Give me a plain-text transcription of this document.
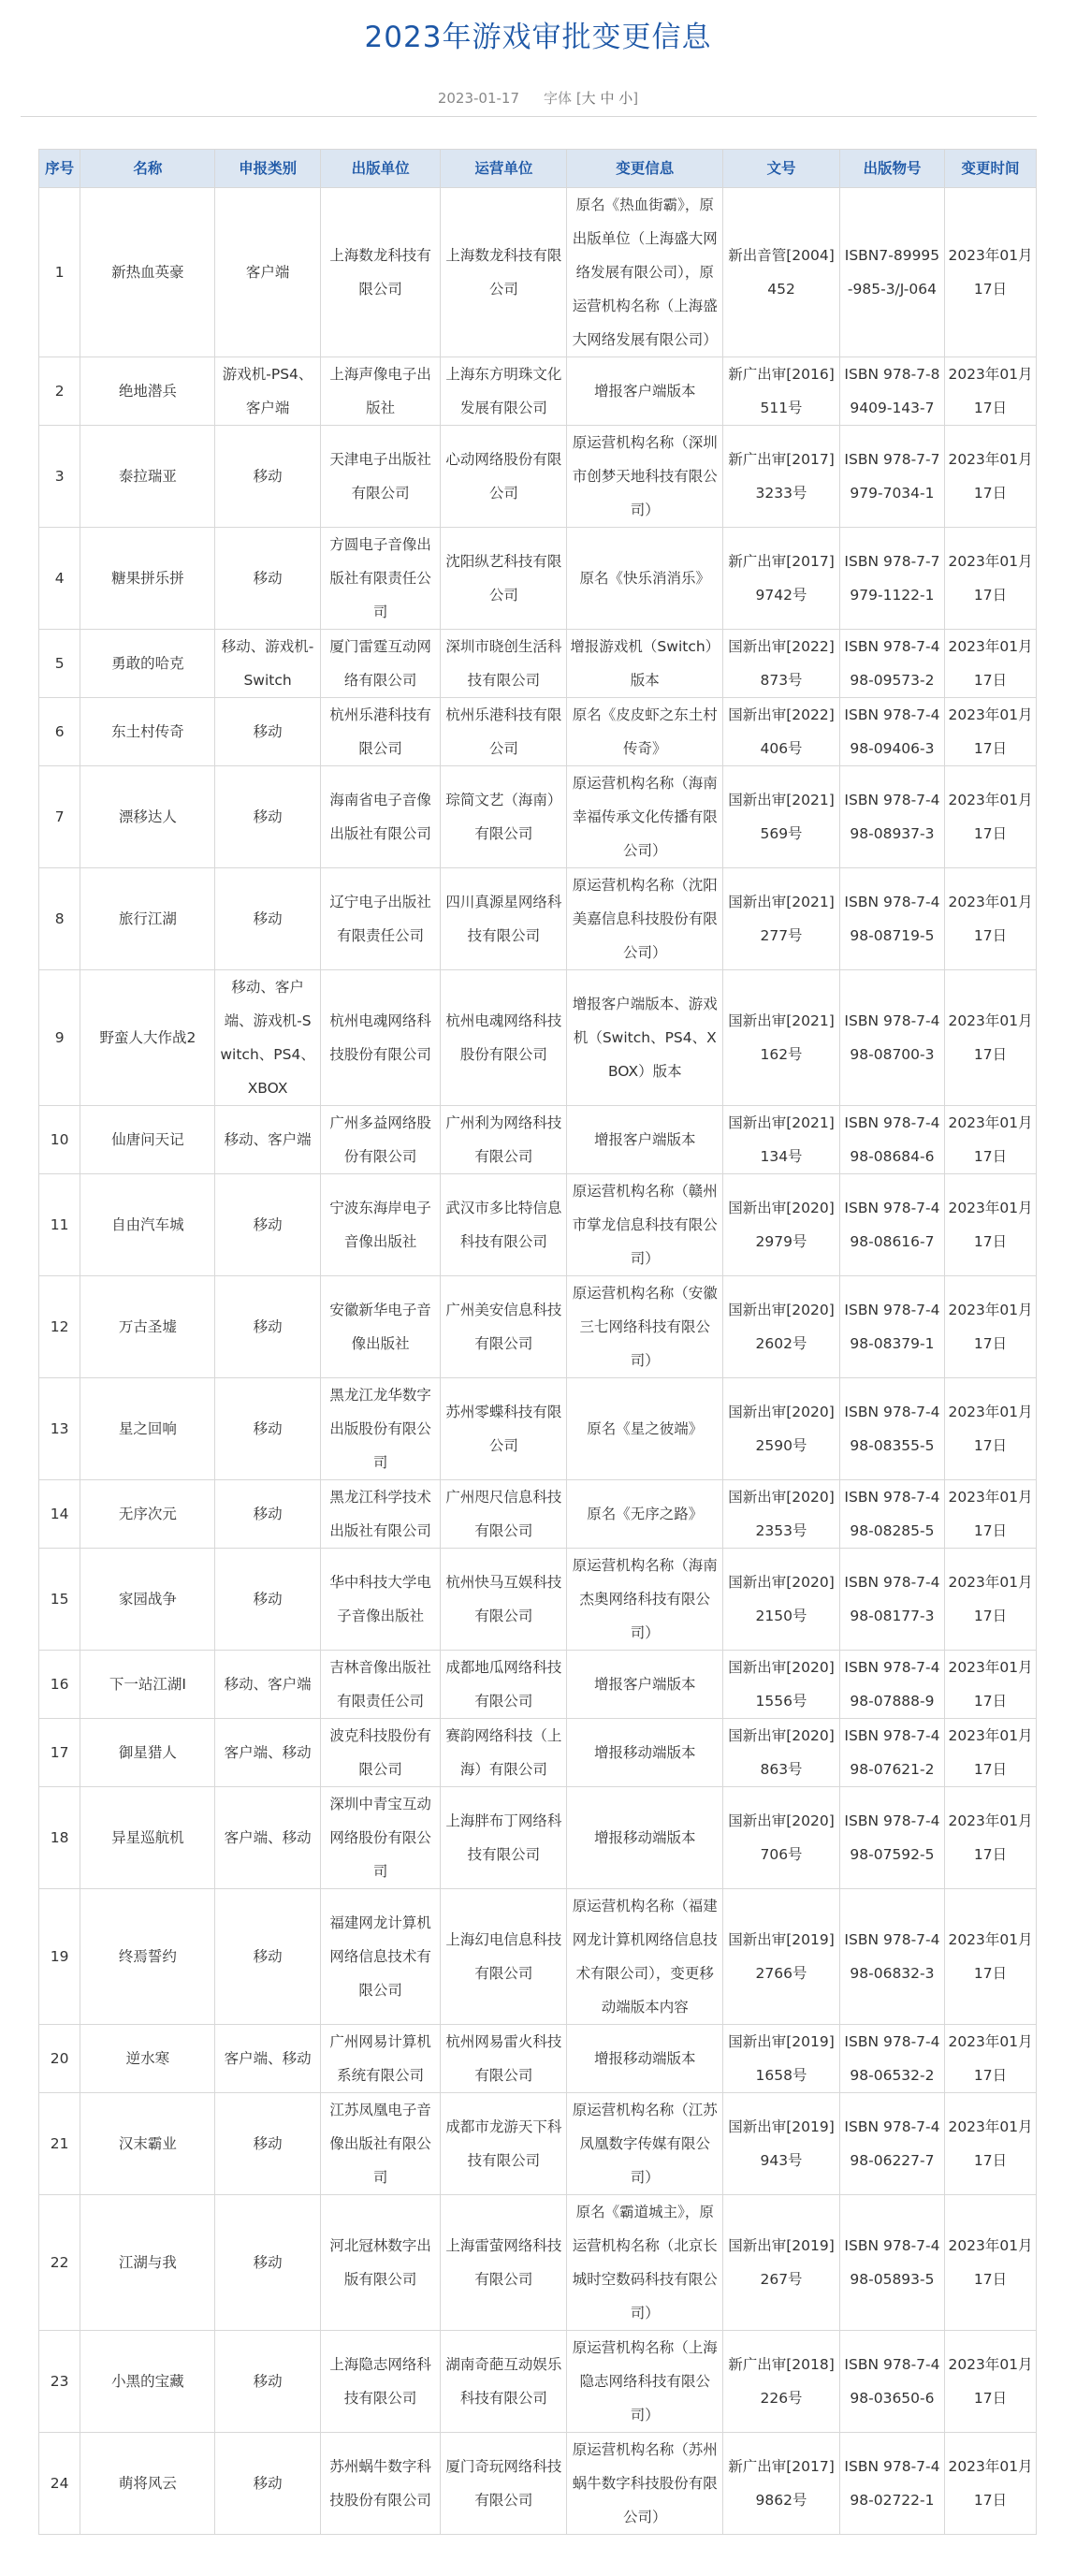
2023年游戏审批变更信息
2023-01-17 字体 [大 中 小]
序号	名称	申报类别	出版单位	运营单位	变更信息	文号	出版物号	变更时间
1	新热血英豪	客户端	上海数龙科技有限公司	上海数龙科技有限公司	原名《热血街霸》，原出版单位（上海盛大网络发展有限公司），原运营机构名称（上海盛大网络发展有限公司）	新出音管[2004]452	ISBN7-89995-985-3/J-064	2023年01月17日
2	绝地潜兵	游戏机-PS4、客户端	上海声像电子出版社	上海东方明珠文化发展有限公司	增报客户端版本	新广出审[2016]511号	ISBN 978-7-89409-143-7	2023年01月17日
3	泰拉瑞亚	移动	天津电子出版社有限公司	心动网络股份有限公司	原运营机构名称（深圳市创梦天地科技有限公司）	新广出审[2017]3233号	ISBN 978-7-7979-7034-1	2023年01月17日
4	糖果拼乐拼	移动	方圆电子音像出版社有限责任公司	沈阳纵艺科技有限公司	原名《快乐消消乐》	新广出审[2017]9742号	ISBN 978-7-7979-1122-1	2023年01月17日
5	勇敢的哈克	移动、游戏机-Switch	厦门雷霆互动网络有限公司	深圳市晓创生活科技有限公司	增报游戏机（Switch）版本	国新出审[2022]873号	ISBN 978-7-498-09573-2	2023年01月17日
6	东土村传奇	移动	杭州乐港科技有限公司	杭州乐港科技有限公司	原名《皮皮虾之东土村传奇》	国新出审[2022]406号	ISBN 978-7-498-09406-3	2023年01月17日
7	漂移达人	移动	海南省电子音像出版社有限公司	琮简文艺（海南）有限公司	原运营机构名称（海南幸福传承文化传播有限公司）	国新出审[2021]569号	ISBN 978-7-498-08937-3	2023年01月17日
8	旅行江湖	移动	辽宁电子出版社有限责任公司	四川真源星网络科技有限公司	原运营机构名称（沈阳美嘉信息科技股份有限公司）	国新出审[2021]277号	ISBN 978-7-498-08719-5	2023年01月17日
9	野蛮人大作战2	移动、客户端、游戏机-Switch、PS4、XBOX	杭州电魂网络科技股份有限公司	杭州电魂网络科技股份有限公司	增报客户端版本、游戏机（Switch、PS4、XBOX）版本	国新出审[2021]162号	ISBN 978-7-498-08700-3	2023年01月17日
10	仙唐问天记	移动、客户端	广州多益网络股份有限公司	广州利为网络科技有限公司	增报客户端版本	国新出审[2021]134号	ISBN 978-7-498-08684-6	2023年01月17日
11	自由汽车城	移动	宁波东海岸电子音像出版社	武汉市多比特信息科技有限公司	原运营机构名称（赣州市掌龙信息科技有限公司）	国新出审[2020]2979号	ISBN 978-7-498-08616-7	2023年01月17日
12	万古圣墟	移动	安徽新华电子音像出版社	广州美安信息科技有限公司	原运营机构名称（安徽三七网络科技有限公司）	国新出审[2020]2602号	ISBN 978-7-498-08379-1	2023年01月17日
13	星之回响	移动	黑龙江龙华数字出版股份有限公司	苏州零蝶科技有限公司	原名《星之彼端》	国新出审[2020]2590号	ISBN 978-7-498-08355-5	2023年01月17日
14	无序次元	移动	黑龙江科学技术出版社有限公司	广州咫尺信息科技有限公司	原名《无序之路》	国新出审[2020]2353号	ISBN 978-7-498-08285-5	2023年01月17日
15	家园战争	移动	华中科技大学电子音像出版社	杭州快马互娱科技有限公司	原运营机构名称（海南杰奥网络科技有限公司）	国新出审[2020]2150号	ISBN 978-7-498-08177-3	2023年01月17日
16	下一站江湖Ⅰ	移动、客户端	吉林音像出版社有限责任公司	成都地瓜网络科技有限公司	增报客户端版本	国新出审[2020]1556号	ISBN 978-7-498-07888-9	2023年01月17日
17	御星猎人	客户端、移动	波克科技股份有限公司	赛韵网络科技（上海）有限公司	增报移动端版本	国新出审[2020]863号	ISBN 978-7-498-07621-2	2023年01月17日
18	异星巡航机	客户端、移动	深圳中青宝互动网络股份有限公司	上海胖布丁网络科技有限公司	增报移动端版本	国新出审[2020]706号	ISBN 978-7-498-07592-5	2023年01月17日
19	终焉誓约	移动	福建网龙计算机网络信息技术有限公司	上海幻电信息科技有限公司	原运营机构名称（福建网龙计算机网络信息技术有限公司），变更移动端版本内容	国新出审[2019]2766号	ISBN 978-7-498-06832-3	2023年01月17日
20	逆水寒	客户端、移动	广州网易计算机系统有限公司	杭州网易雷火科技有限公司	增报移动端版本	国新出审[2019]1658号	ISBN 978-7-498-06532-2	2023年01月17日
21	汉末霸业	移动	江苏凤凰电子音像出版社有限公司	成都市龙游天下科技有限公司	原运营机构名称（江苏凤凰数字传媒有限公司）	国新出审[2019]943号	ISBN 978-7-498-06227-7	2023年01月17日
22	江湖与我	移动	河北冠林数字出版有限公司	上海雷萤网络科技有限公司	原名《霸道城主》，原运营机构名称（北京长城时空数码科技有限公司）	国新出审[2019]267号	ISBN 978-7-498-05893-5	2023年01月17日
23	小黑的宝藏	移动	上海隐志网络科技有限公司	湖南奇葩互动娱乐科技有限公司	原运营机构名称（上海隐志网络科技有限公司）	新广出审[2018]226号	ISBN 978-7-498-03650-6	2023年01月17日
24	萌将风云	移动	苏州蜗牛数字科技股份有限公司	厦门奇玩网络科技有限公司	原运营机构名称（苏州蜗牛数字科技股份有限公司）	新广出审[2017]9862号	ISBN 978-7-498-02722-1	2023年01月17日
